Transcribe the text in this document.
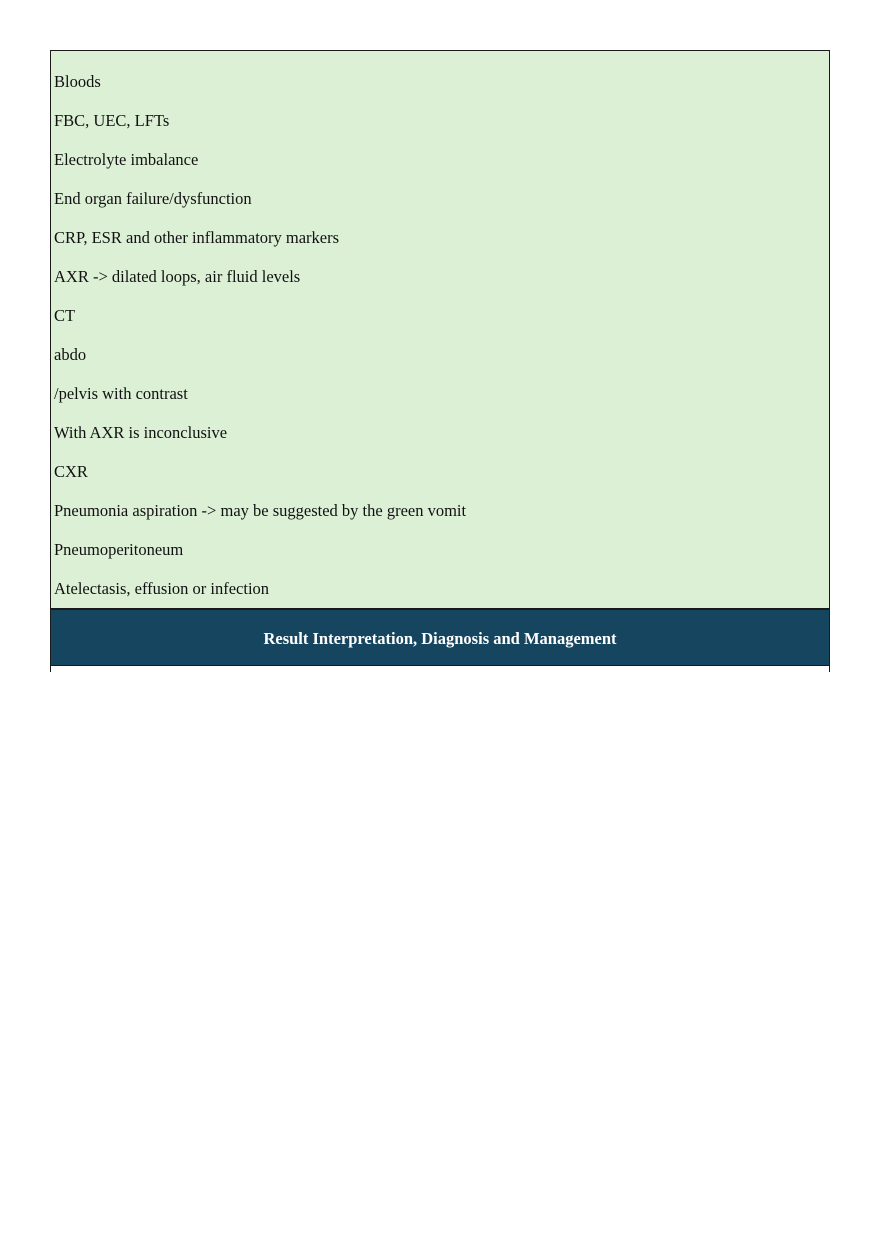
Bloods
FBC, UEC, LFTs
Electrolyte imbalance
End organ failure/dysfunction
CRP, ESR and other inflammatory markers
AXR -> dilated loops, air fluid levels
CT
abdo
/pelvis with contrast
With AXR is inconclusive
CXR
Pneumonia aspiration -> may be suggested by the green vomit
Pneumoperitoneum
Atelectasis, effusion or infection
Result Interpretation, Diagnosis and Management
